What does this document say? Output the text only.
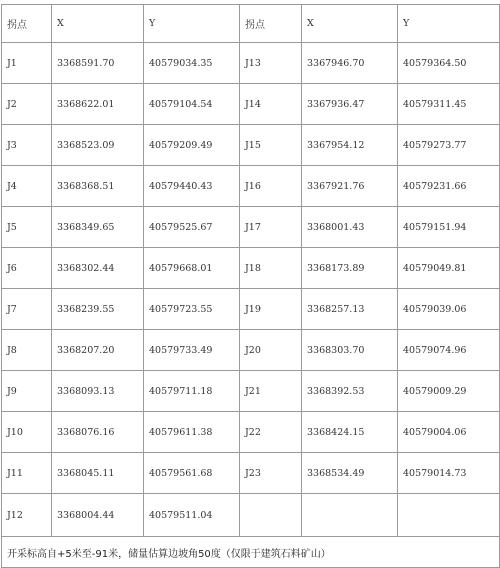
拐点	X	Y	拐点	X	Y
J1	3368591.70	40579034.35	J13	3367946.70	40579364.50
J2	3368622.01	40579104.54	J14	3367936.47	40579311.45
J3	3368523.09	40579209.49	J15	3367954.12	40579273.77
J4	3368368.51	40579440.43	J16	3367921.76	40579231.66
J5	3368349.65	40579525.67	J17	3368001.43	40579151.94
J6	3368302.44	40579668.01	J18	3368173.89	40579049.81
J7	3368239.55	40579723.55	J19	3368257.13	40579039.06
J8	3368207.20	40579733.49	J20	3368303.70	40579074.96
J9	3368093.13	40579711.18	J21	3368392.53	40579009.29
J10	3368076.16	40579611.38	J22	3368424.15	40579004.06
J11	3368045.11	40579561.68	J23	3368534.49	40579014.73
J12	3368004.44	40579511.04			
开采标高自+5米至-91米，储量估算边坡角50度（仅限于建筑石料矿山）					
